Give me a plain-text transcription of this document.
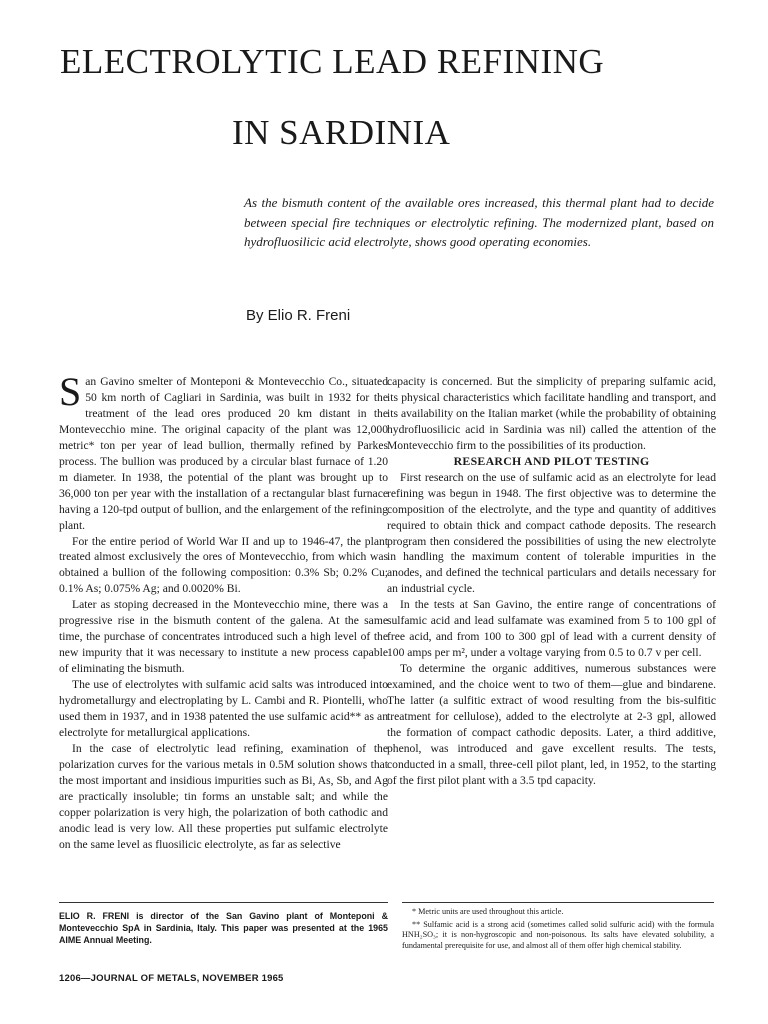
ELECTROLYTIC LEAD REFINING
IN SARDINIA
As the bismuth content of the available ores increased, this thermal plant had to decide between special fire techniques or electrolytic refining. The modernized plant, based on hydrofluosilicic acid electrolyte, shows good operating economies.
By Elio R. Freni

San Gavino smelter of Monteponi & Montevecchio Co., situated 50 km north of Cagliari in Sardinia, was built in 1932 for the treatment of the lead ores produced 20 km distant in the Montevecchio mine. The original capacity of the plant was 12,000 metric* ton per year of lead bullion, thermally refined by Parkes process. The bullion was produced by a circular blast furnace of 1.20 m diameter. In 1938, the potential of the plant was brought up to 36,000 ton per year with the installation of a rectangular blast furnace having a 120-tpd output of bullion, and the enlargement of the refining plant.

For the entire period of World War II and up to 1946-47, the plant treated almost exclusively the ores of Montevecchio, from which was obtained a bullion of the following composition: 0.3% Sb; 0.2% Cu; 0.1% As; 0.075% Ag; and 0.0020% Bi.

Later as stoping decreased in the Montevecchio mine, there was a progressive rise in the bismuth content of the galena. At the same time, the purchase of concentrates introduced such a high level of the new impurity that it was necessary to institute a new process capable of eliminating the bismuth.

The use of electrolytes with sulfamic acid salts was introduced into hydrometallurgy and electroplating by L. Cambi and R. Piontelli, who used them in 1937, and in 1938 patented the use sulfamic acid** as an electrolyte for metallurgical applications.

In the case of electrolytic lead refining, examination of the polarization curves for the various metals in 0.5M solution shows that the most important and insidious impurities such as Bi, As, Sb, and Ag are practically insoluble; tin forms an unstable salt; and while the copper polarization is very high, the polarization of both cathodic and anodic lead is very low. All these properties put sulfamic electrolyte on the same level as fluosilicic electrolyte, as far as selective

capacity is concerned. But the simplicity of preparing sulfamic acid, its physical characteristics which facilitate handling and transport, and its availability on the Italian market (while the probability of obtaining hydrofluosilicic acid in Sardinia was nil) called the attention of the Montevecchio firm to the possibilities of its production.

RESEARCH AND PILOT TESTING

First research on the use of sulfamic acid as an electrolyte for lead refining was begun in 1948. The first objective was to determine the composition of the electrolyte, and the type and quantity of additives required to obtain thick and compact cathode deposits. The research program then considered the possibilities of using the new electrolyte in handling the maximum content of tolerable impurities in the anodes, and defined the technical particulars and details necessary for an industrial cycle.

In the tests at San Gavino, the entire range of concentrations of sulfamic acid and lead sulfamate was examined from 5 to 100 gpl of free acid, and from 100 to 300 gpl of lead with a current density of 100 amps per m², under a voltage varying from 0.5 to 0.7 v per cell.

To determine the organic additives, numerous substances were examined, and the choice went to two of them—glue and bindarene. The latter (a sulfitic extract of wood resulting from the bis-sulfitic treatment for cellulose), added to the electrolyte at 2-3 gpl, allowed the formation of compact cathodic deposits. Later, a third additive, phenol, was introduced and gave excellent results. The tests, conducted in a small, three-cell pilot plant, led, in 1952, to the starting of the first pilot plant with a 3.5 tpd capacity.

ELIO R. FRENI is director of the San Gavino plant of Monteponi & Montevecchio SpA in Sardinia, Italy. This paper was presented at the 1965 AIME Annual Meeting.

* Metric units are used throughout this article.

** Sulfamic acid is a strong acid (sometimes called solid sulfuric acid) with the formula HNH₂SO₃; it is non-hygroscopic and non-poisonous. Its salts have elevated solubility, a fundamental prerequisite for use, and almost all of them offer high chemical stability.

1206—JOURNAL OF METALS, NOVEMBER 1965
